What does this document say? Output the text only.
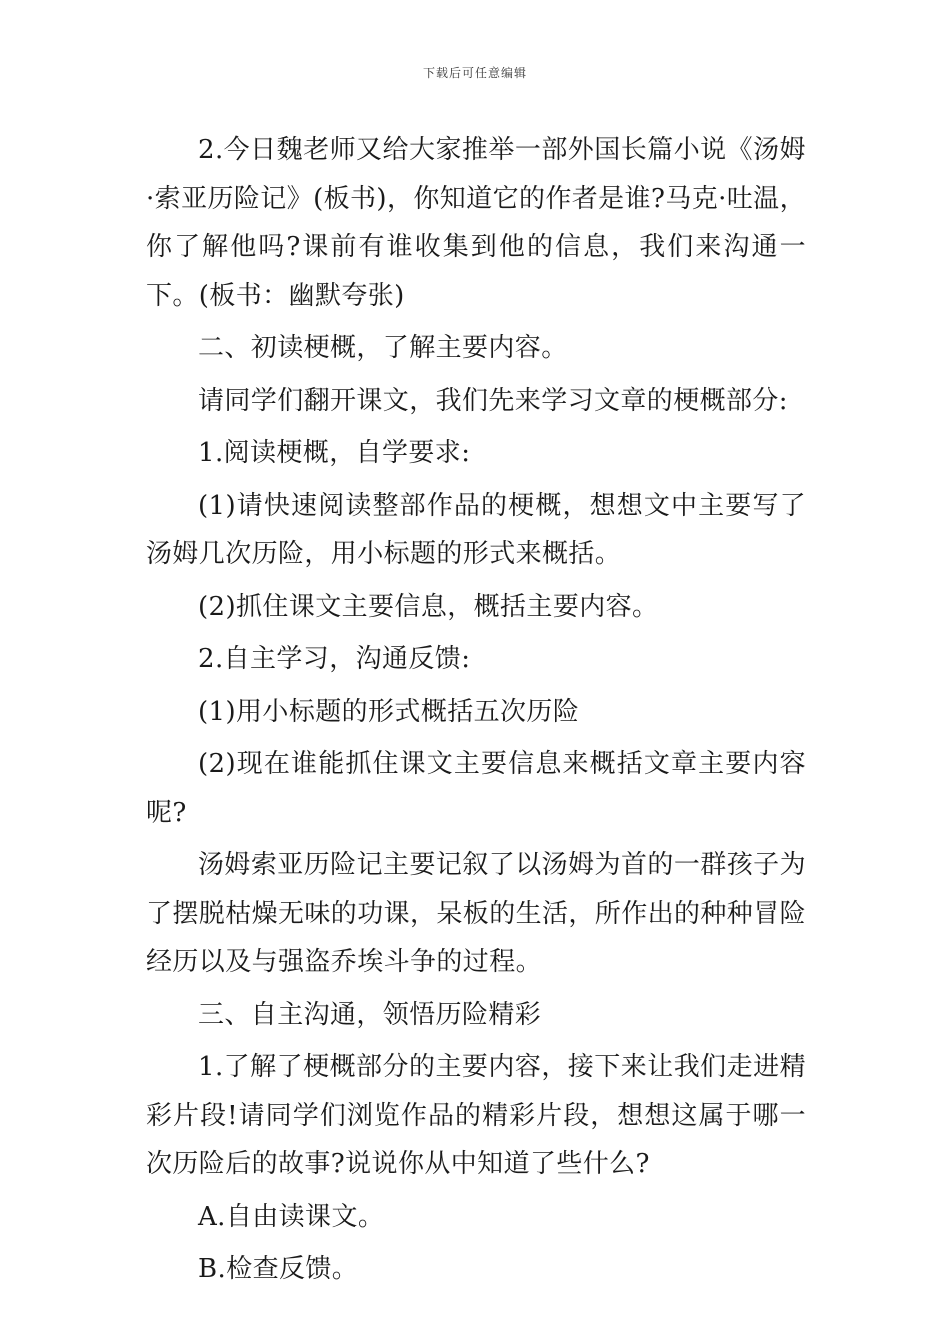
下载后可任意编辑

2.今日魏老师又给大家推举一部外国长篇小说《汤姆·索亚历险记》(板书)，你知道它的作者是谁?马克·吐温，你了解他吗?课前有谁收集到他的信息，我们来沟通一下。(板书：幽默夸张)

二、初读梗概，了解主要内容。

请同学们翻开课文，我们先来学习文章的梗概部分:

1.阅读梗概，自学要求:

(1)请快速阅读整部作品的梗概，想想文中主要写了汤姆几次历险，用小标题的形式来概括。

(2)抓住课文主要信息，概括主要内容。

2.自主学习，沟通反馈:

(1)用小标题的形式概括五次历险

(2)现在谁能抓住课文主要信息来概括文章主要内容呢?

汤姆索亚历险记主要记叙了以汤姆为首的一群孩子为了摆脱枯燥无味的功课，呆板的生活，所作出的种种冒险经历以及与强盗乔埃斗争的过程。

三、自主沟通，领悟历险精彩

1.了解了梗概部分的主要内容，接下来让我们走进精彩片段!请同学们浏览作品的精彩片段，想想这属于哪一次历险后的故事?说说你从中知道了些什么?

A.自由读课文。

B.检查反馈。
